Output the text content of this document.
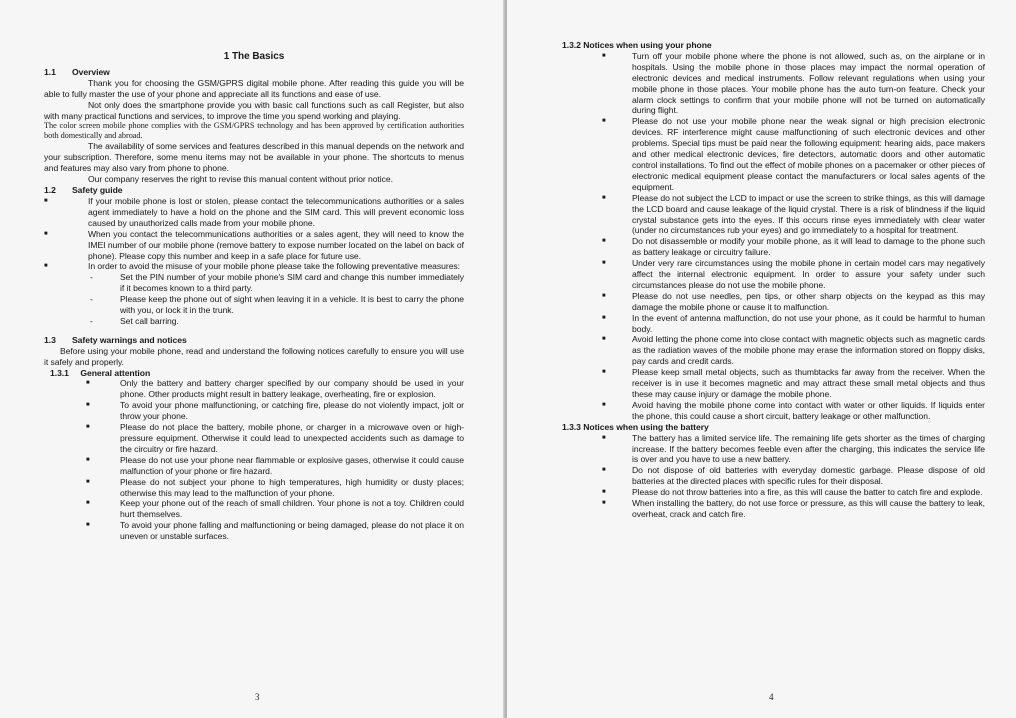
1 The Basics
1.1 Overview

Thank you for choosing the GSM/GPRS digital mobile phone. After reading this guide you will be able to fully master the use of your phone and appreciate all its functions and ease of use.

Not only does the smartphone provide you with basic call functions such as call Register, but also with many practical functions and services, to improve the time you spend working and playing.

The color screen mobile phone complies with the GSM/GPRS technology and has been approved by certification authorities both domestically and abroad.

The availability of some services and features described in this manual depends on the network and your subscription. Therefore, some menu items may not be available in your phone. The shortcuts to menus and features may also vary from phone to phone.

Our company reserves the right to revise this manual content without prior notice.

1.2 Safety guide
■ If your mobile phone is lost or stolen, please contact the telecommunications authorities or a sales agent immediately to have a hold on the phone and the SIM card. This will prevent economic loss caused by unauthorized calls made from your mobile phone.
■ When you contact the telecommunications authorities or a sales agent, they will need to know the IMEI number of our mobile phone (remove battery to expose number located on the label on back of phone). Please copy this number and keep in a safe place for future use.
■ In order to avoid the misuse of your mobile phone please take the following preventative measures:
- Set the PIN number of your mobile phone's SIM card and change this number immediately if it becomes known to a third party.
- Please keep the phone out of sight when leaving it in a vehicle. It is best to carry the phone with you, or lock it in the trunk.
- Set call barring.
1.3 Safety warnings and notices

Before using your mobile phone, read and understand the following notices carefully to ensure you will use it safely and properly.

1.3.1 General attention
■ Only the battery and battery charger specified by our company should be used in your phone. Other products might result in battery leakage, overheating, fire or explosion.
■ To avoid your phone malfunctioning, or catching fire, please do not violently impact, jolt or throw your phone.
■ Please do not place the battery, mobile phone, or charger in a microwave oven or high-pressure equipment. Otherwise it could lead to unexpected accidents such as damage to the circuitry or fire hazard.
■ Please do not use your phone near flammable or explosive gases, otherwise it could cause malfunction of your phone or fire hazard.
■ Please do not subject your phone to high temperatures, high humidity or dusty places; otherwise this may lead to the malfunction of your phone.
■ Keep your phone out of the reach of small children. Your phone is not a toy. Children could hurt themselves.
■ To avoid your phone falling and malfunctioning or being damaged, please do not place it on uneven or unstable surfaces.
3
1.3.2 Notices when using your phone
■ Turn off your mobile phone where the phone is not allowed, such as, on the airplane or in hospitals. Using the mobile phone in those places may impact the normal operation of electronic devices and medical instruments. Follow relevant regulations when using your mobile phone in those places. Your mobile phone has the auto turn-on feature. Check your alarm clock settings to confirm that your mobile phone will not be turned on automatically during flight.
■ Please do not use your mobile phone near the weak signal or high precision electronic devices. RF interference might cause malfunctioning of such electronic devices and other problems. Special tips must be paid near the following equipment: hearing aids, pace makers and other medical electronic devices, fire detectors, automatic doors and other automatic control installations. To find out the effect of mobile phones on a pacemaker or other pieces of electronic medical equipment please contact the manufacturers or local sales agents of the equipment.
■ Please do not subject the LCD to impact or use the screen to strike things, as this will damage the LCD board and cause leakage of the liquid crystal. There is a risk of blindness if the liquid crystal substance gets into the eyes. If this occurs rinse eyes immediately with clear water (under no circumstances rub your eyes) and go immediately to a hospital for treatment.
■ Do not disassemble or modify your mobile phone, as it will lead to damage to the phone such as battery leakage or circuitry failure.
■ Under very rare circumstances using the mobile phone in certain model cars may negatively affect the internal electronic equipment. In order to assure your safety under such circumstances please do not use the mobile phone.
■ Please do not use needles, pen tips, or other sharp objects on the keypad as this may damage the mobile phone or cause it to malfunction.
■ In the event of antenna malfunction, do not use your phone, as it could be harmful to human body.
■ Avoid letting the phone come into close contact with magnetic objects such as magnetic cards as the radiation waves of the mobile phone may erase the information stored on floppy disks, pay cards and credit cards.
■ Please keep small metal objects, such as thumbtacks far away from the receiver. When the receiver is in use it becomes magnetic and may attract these small metal objects and thus these may cause injury or damage the mobile phone.
■ Avoid having the mobile phone come into contact with water or other liquids. If liquids enter the phone, this could cause a short circuit, battery leakage or other malfunction.
1.3.3 Notices when using the battery
■ The battery has a limited service life. The remaining life gets shorter as the times of charging increase. If the battery becomes feeble even after the charging, this indicates the service life is over and you have to use a new battery.
■ Do not dispose of old batteries with everyday domestic garbage. Please dispose of old batteries at the directed places with specific rules for their disposal.
■ Please do not throw batteries into a fire, as this will cause the batter to catch fire and explode.
■ When installing the battery, do not use force or pressure, as this will cause the battery to leak, overheat, crack and catch fire.
4
